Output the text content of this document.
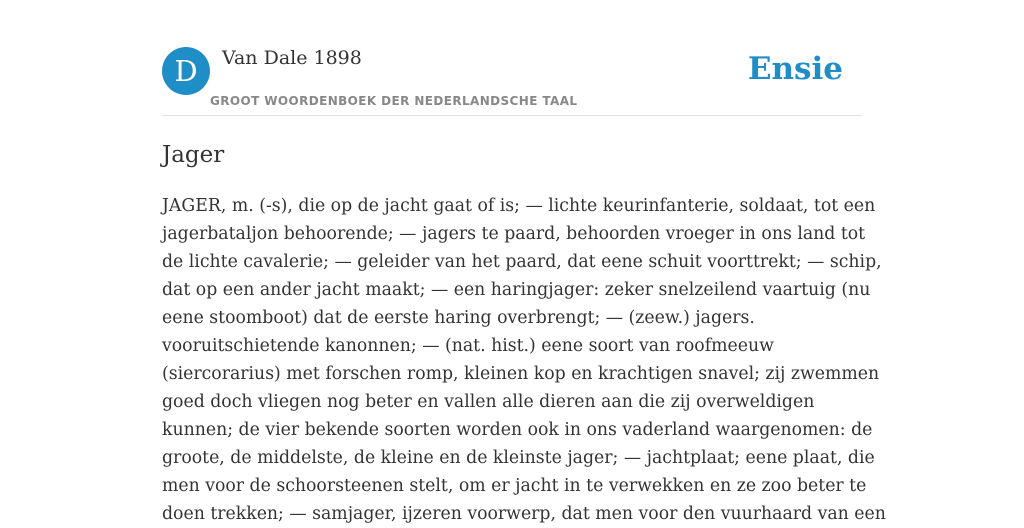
D	Van Dale 1898
GROOT WOORDENBOEK DER NEDERLANDSCHE TAAL
Ensie
Jager
JAGER, m. (-s), die op de jacht gaat of is; — lichte keurinfanterie, soldaat, tot een
jagerbataljon behoorende; — jagers te paard, behoorden vroeger in ons land tot
de lichte cavalerie; — geleider van het paard, dat eene schuit voorttrekt; — schip,
dat op een ander jacht maakt; — een haringjager: zeker snelzeilend vaartuig (nu
eene stoomboot) dat de eerste haring overbrengt; — (zeew.) jagers.
vooruitschietende kanonnen; — (nat. hist.) eene soort van roofmeeuw
(siercorarius) met forschen romp, kleinen kop en krachtigen snavel; zij zwemmen
goed doch vliegen nog beter en vallen alle dieren aan die zij overweldigen
kunnen; de vier bekende soorten worden ook in ons vaderland waargenomen: de
groote, de middelste, de kleine en de kleinste jager; — jachtplaat; eene plaat, die
men voor de schoorsteenen stelt, om er jacht in te verwekken en ze zoo beter te
doen trekken; — samjager, ijzeren voorwerp, dat men voor den vuurhaard van een
